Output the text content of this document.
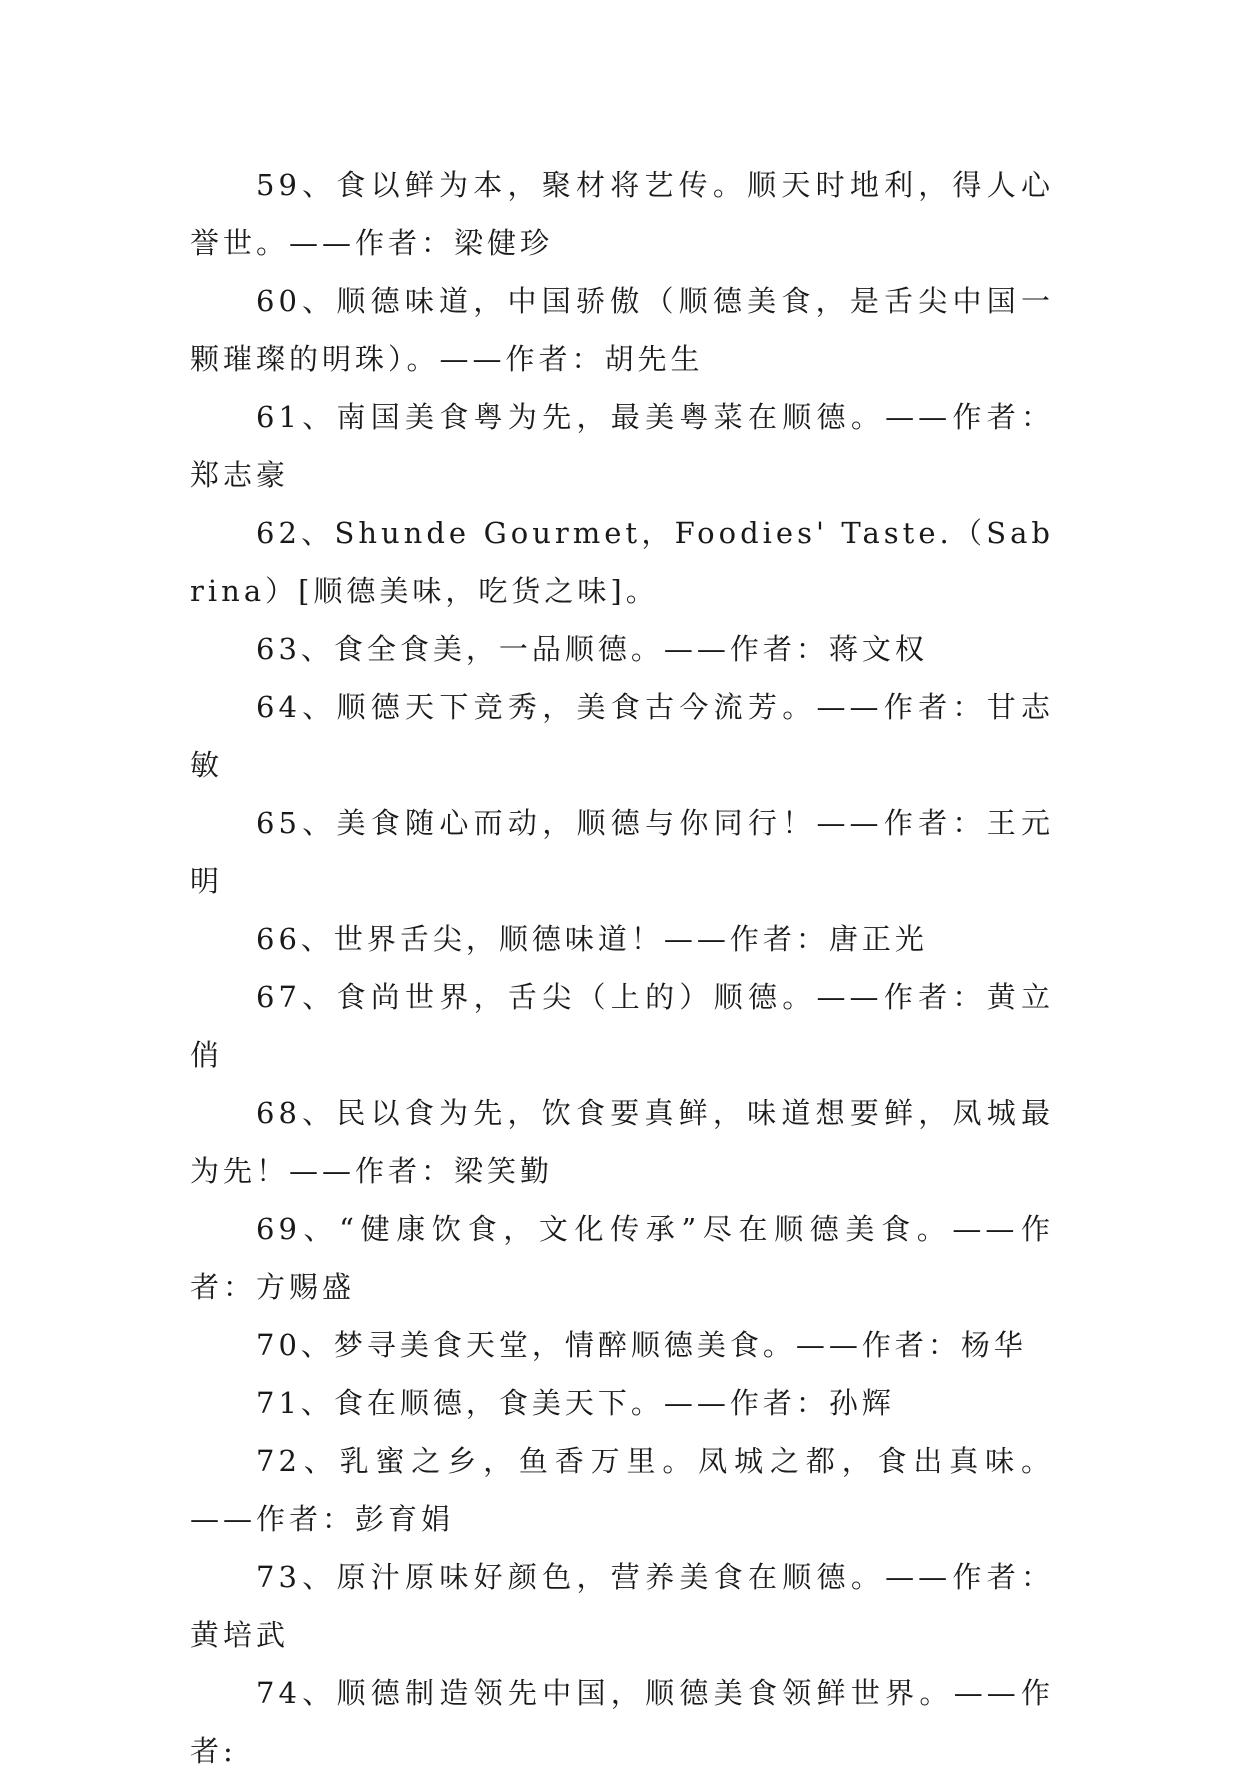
59、食以鲜为本，聚材将艺传。顺天时地利，得人心誉世。——作者：梁健珍

60、顺德味道，中国骄傲（顺德美食，是舌尖中国一颗璀璨的明珠）。——作者：胡先生

61、南国美食粤为先，最美粤菜在顺德。——作者：郑志豪

62、Shunde Gourmet，Foodies' Taste.（Sabrina）[顺德美味，吃货之味]。

63、食全食美，一品顺德。——作者：蒋文权

64、顺德天下竞秀，美食古今流芳。——作者：甘志敏

65、美食随心而动，顺德与你同行！——作者：王元明

66、世界舌尖，顺德味道！——作者：唐正光

67、食尚世界，舌尖（上的）顺德。——作者：黄立俏

68、民以食为先，饮食要真鲜，味道想要鲜，凤城最为先！——作者：梁笑勤

69、“健康饮食，文化传承”尽在顺德美食。——作者：方赐盛

70、梦寻美食天堂，情醉顺德美食。——作者：杨华

71、食在顺德，食美天下。——作者：孙辉

72、乳蜜之乡，鱼香万里。凤城之都，食出真味。——作者：彭育娟

73、原汁原味好颜色，营养美食在顺德。——作者：黄培武

74、顺德制造领先中国，顺德美食领鲜世界。——作者:
